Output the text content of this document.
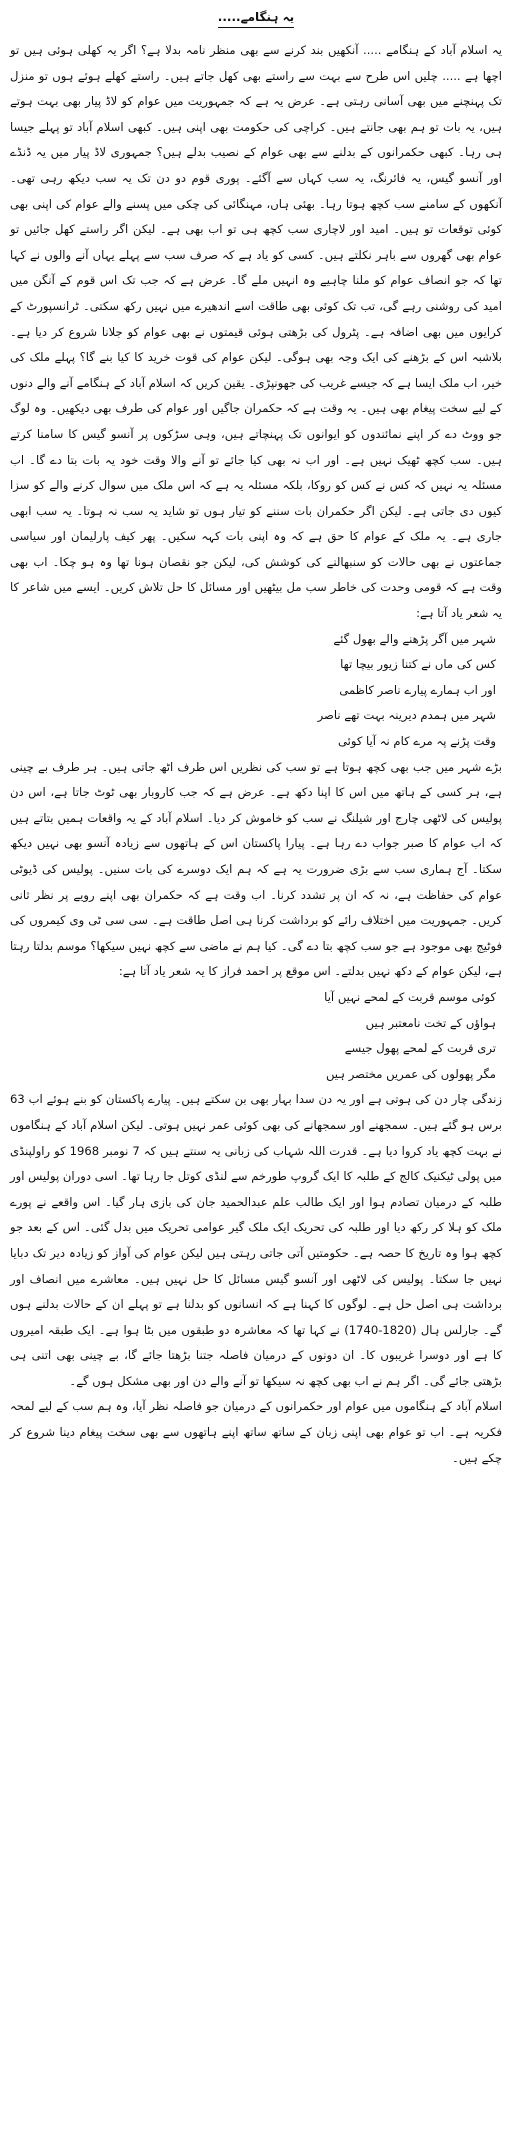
یہ ہنگامے.....

یہ اسلام آباد کے ہنگامے ..... آنکھیں بند کرنے سے بھی منظر نامہ بدلا ہے؟ اگر یہ کھلی ہوئی ہیں تو اچھا ہے ..... چلیں اس طرح سے بہت سے راستے بھی کھل جاتے ہیں۔ راستے کھلے ہوئے ہوں تو منزل تک پہنچنے میں بھی آسانی رہتی ہے۔ عرض یہ ہے کہ جمہوریت میں عوام کو لاڈ پیار بھی بہت ہوتے ہیں، یہ بات تو ہم بھی جانتے ہیں۔ کراچی کی حکومت بھی اپنی ہیں۔ کبھی اسلام آباد تو پہلے جیسا ہی رہا۔ کبھی حکمرانوں کے بدلنے سے بھی عوام کے نصیب بدلے ہیں؟ جمہوری لاڈ پیار میں یہ ڈنڈے اور آنسو گیس، یہ فائرنگ، یہ سب کہاں سے آگئے۔ پوری قوم دو دن تک یہ سب دیکھ رہی تھی۔ آنکھوں کے سامنے سب کچھ ہوتا رہا۔ بھئی ہاں، مہنگائی کی چکی میں پسنے والے عوام کی اپنی بھی کوئی توقعات تو ہیں۔ امید اور لاچاری سب کچھ ہی تو اب بھی ہے۔ لیکن اگر راستے کھل جائیں تو عوام بھی گھروں سے باہر نکلتے ہیں۔ کسی کو یاد ہے کہ صرف سب سے پہلے یہاں آنے والوں نے کہا تھا کہ جو انصاف عوام کو ملنا چاہیے وہ انہیں ملے گا۔ عرض ہے کہ جب تک اس قوم کے آنگن میں امید کی روشنی رہے گی، تب تک کوئی بھی طاقت اسے اندھیرے میں نہیں رکھ سکتی۔ ٹرانسپورٹ کے کرایوں میں بھی اضافہ ہے۔ پٹرول کی بڑھتی ہوئی قیمتوں نے بھی عوام کو جلانا شروع کر دیا ہے۔ بلاشبہ اس کے بڑھنے کی ایک وجہ بھی ہوگی۔ لیکن عوام کی قوت خرید کا کیا بنے گا؟ پہلے ملک کی خیر، اب ملک ایسا ہے کہ جیسے غریب کی جھونپڑی۔ یقین کریں کہ اسلام آباد کے ہنگامے آنے والے دنوں کے لیے سخت پیغام بھی ہیں۔ یہ وقت ہے کہ حکمران جاگیں اور عوام کی طرف بھی دیکھیں۔ وہ لوگ جو ووٹ دے کر اپنے نمائندوں کو ایوانوں تک پہنچاتے ہیں، وہی سڑکوں پر آنسو گیس کا سامنا کرتے ہیں۔ سب کچھ ٹھیک نہیں ہے۔ اور اب نہ بھی کیا جائے تو آنے والا وقت خود یہ بات بتا دے گا۔ اب مسئلہ یہ نہیں کہ کس نے کس کو روکا، بلکہ مسئلہ یہ ہے کہ اس ملک میں سوال کرنے والے کو سزا کیوں دی جاتی ہے۔ لیکن اگر حکمران بات سننے کو تیار ہوں تو شاید یہ سب نہ ہوتا۔ یہ سب ابھی جاری ہے۔ یہ ملک کے عوام کا حق ہے کہ وہ اپنی بات کہہ سکیں۔ پھر کیف پارلیمان اور سیاسی جماعتوں نے بھی حالات کو سنبھالنے کی کوشش کی، لیکن جو نقصان ہونا تھا وہ ہو چکا۔ اب بھی وقت ہے کہ قومی وحدت کی خاطر سب مل بیٹھیں اور مسائل کا حل تلاش کریں۔ ایسے میں شاعر کا یہ شعر یاد آتا ہے:

شہر میں آگر پڑھنے والے بھول گئے
کس کی ماں نے کتنا زیور بیچا تھا
اور اب ہمارے پیارے ناصر کاظمی
شہر میں ہمدم دیرینہ بہت تھے ناصر
وقت پڑنے پہ مرے کام نہ آیا کوئی

بڑے شہر میں جب بھی کچھ ہوتا ہے تو سب کی نظریں اس طرف اٹھ جاتی ہیں۔ ہر طرف بے چینی ہے، ہر کسی کے ہاتھ میں اس کا اپنا دکھ ہے۔ عرض ہے کہ جب کاروبار بھی ٹوٹ جاتا ہے، اس دن پولیس کی لاٹھی چارج اور شیلنگ نے سب کو خاموش کر دیا۔ اسلام آباد کے یہ واقعات ہمیں بتاتے ہیں کہ اب عوام کا صبر جواب دے رہا ہے۔ پیارا پاکستان اس کے ہاتھوں سے زیادہ آنسو بھی نہیں دیکھ سکتا۔ آج ہماری سب سے بڑی ضرورت یہ ہے کہ ہم ایک دوسرے کی بات سنیں۔ پولیس کی ڈیوٹی عوام کی حفاظت ہے، نہ کہ ان پر تشدد کرنا۔ اب وقت ہے کہ حکمران بھی اپنے رویے پر نظر ثانی کریں۔ جمہوریت میں اختلاف رائے کو برداشت کرنا ہی اصل طاقت ہے۔ سی سی ٹی وی کیمروں کی فوٹیج بھی موجود ہے جو سب کچھ بتا دے گی۔ کیا ہم نے ماضی سے کچھ نہیں سیکھا؟ موسم بدلتا رہتا ہے، لیکن عوام کے دکھ نہیں بدلتے۔ اس موقع پر احمد فراز کا یہ شعر یاد آتا ہے:

کوئی موسم قربت کے لمحے نہیں آیا
ہواؤں کے تخت نامعتبر ہیں
تری قربت کے لمحے پھول جیسے
مگر پھولوں کی عمریں مختصر ہیں

زندگی چار دن کی ہوتی ہے اور یہ دن سدا بہار بھی بن سکتے ہیں۔ پیارے پاکستان کو بنے ہوئے اب 63 برس ہو گئے ہیں۔ سمجھنے اور سمجھانے کی بھی کوئی عمر نہیں ہوتی۔ لیکن اسلام آباد کے ہنگاموں نے بہت کچھ یاد کروا دیا ہے۔ قدرت اللہ شہاب کی زبانی یہ سنتے ہیں کہ 7 نومبر 1968 کو راولپنڈی میں پولی ٹیکنیک کالج کے طلبہ کا ایک گروپ طورخم سے لنڈی کوتل جا رہا تھا۔ اسی دوران پولیس اور طلبہ کے درمیان تصادم ہوا اور ایک طالب علم عبدالحمید جان کی بازی ہار گیا۔ اس واقعے نے پورے ملک کو ہلا کر رکھ دیا اور طلبہ کی تحریک ایک ملک گیر عوامی تحریک میں بدل گئی۔ اس کے بعد جو کچھ ہوا وہ تاریخ کا حصہ ہے۔ حکومتیں آتی جاتی رہتی ہیں لیکن عوام کی آواز کو زیادہ دیر تک دبایا نہیں جا سکتا۔ پولیس کی لاٹھی اور آنسو گیس مسائل کا حل نہیں ہیں۔ معاشرے میں انصاف اور برداشت ہی اصل حل ہے۔ لوگوں کا کہنا ہے کہ انسانوں کو بدلنا ہے تو پہلے ان کے حالات بدلنے ہوں گے۔ جارلس ہال (1820-1740) نے کہا تھا کہ معاشرہ دو طبقوں میں بٹا ہوا ہے۔ ایک طبقہ امیروں کا ہے اور دوسرا غریبوں کا۔ ان دونوں کے درمیان فاصلہ جتنا بڑھتا جائے گا، بے چینی بھی اتنی ہی بڑھتی جائے گی۔ اگر ہم نے اب بھی کچھ نہ سیکھا تو آنے والے دن اور بھی مشکل ہوں گے۔

اسلام آباد کے ہنگاموں میں عوام اور حکمرانوں کے درمیان جو فاصلہ نظر آیا، وہ ہم سب کے لیے لمحہ فکریہ ہے۔ اب تو عوام بھی اپنی زبان کے ساتھ ساتھ اپنے ہاتھوں سے بھی سخت پیغام دینا شروع کر چکے ہیں۔
